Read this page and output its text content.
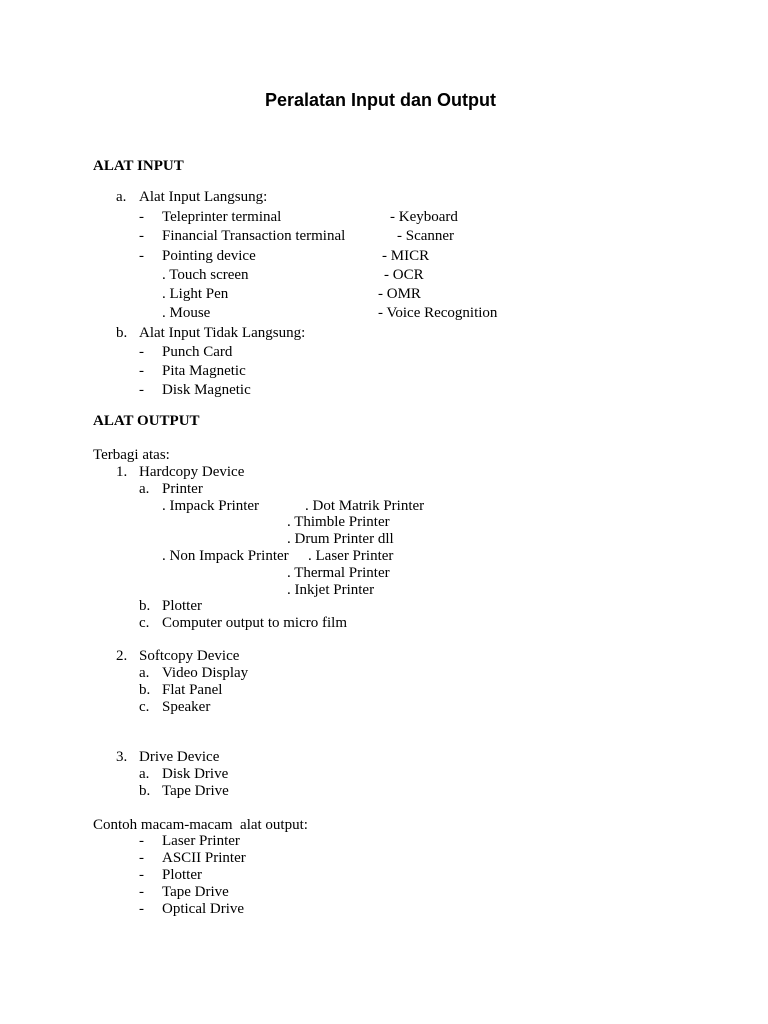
Peralatan Input dan Output
ALAT INPUT
a. Alat Input Langsung:
- Teleprinter terminal	- Keyboard
- Financial Transaction terminal	- Scanner
- Pointing device	- MICR
. Touch screen	- OCR
. Light Pen	- OMR
. Mouse	- Voice Recognition
b. Alat Input Tidak Langsung:
- Punch Card
- Pita Magnetic
- Disk Magnetic
ALAT OUTPUT
Terbagi atas:
1. Hardcopy Device
a. Printer
. Impack Printer	. Dot Matrik Printer
. Thimble Printer
. Drum Printer dll
. Non Impack Printer . Laser Printer
. Thermal Printer
. Inkjet Printer
b. Plotter
c. Computer output to micro film
2. Softcopy Device
a. Video Display
b. Flat Panel
c. Speaker
3. Drive Device
a. Disk Drive
b. Tape Drive
Contoh macam-macam  alat output:
- Laser Printer
- ASCII Printer
- Plotter
- Tape Drive
- Optical Drive
